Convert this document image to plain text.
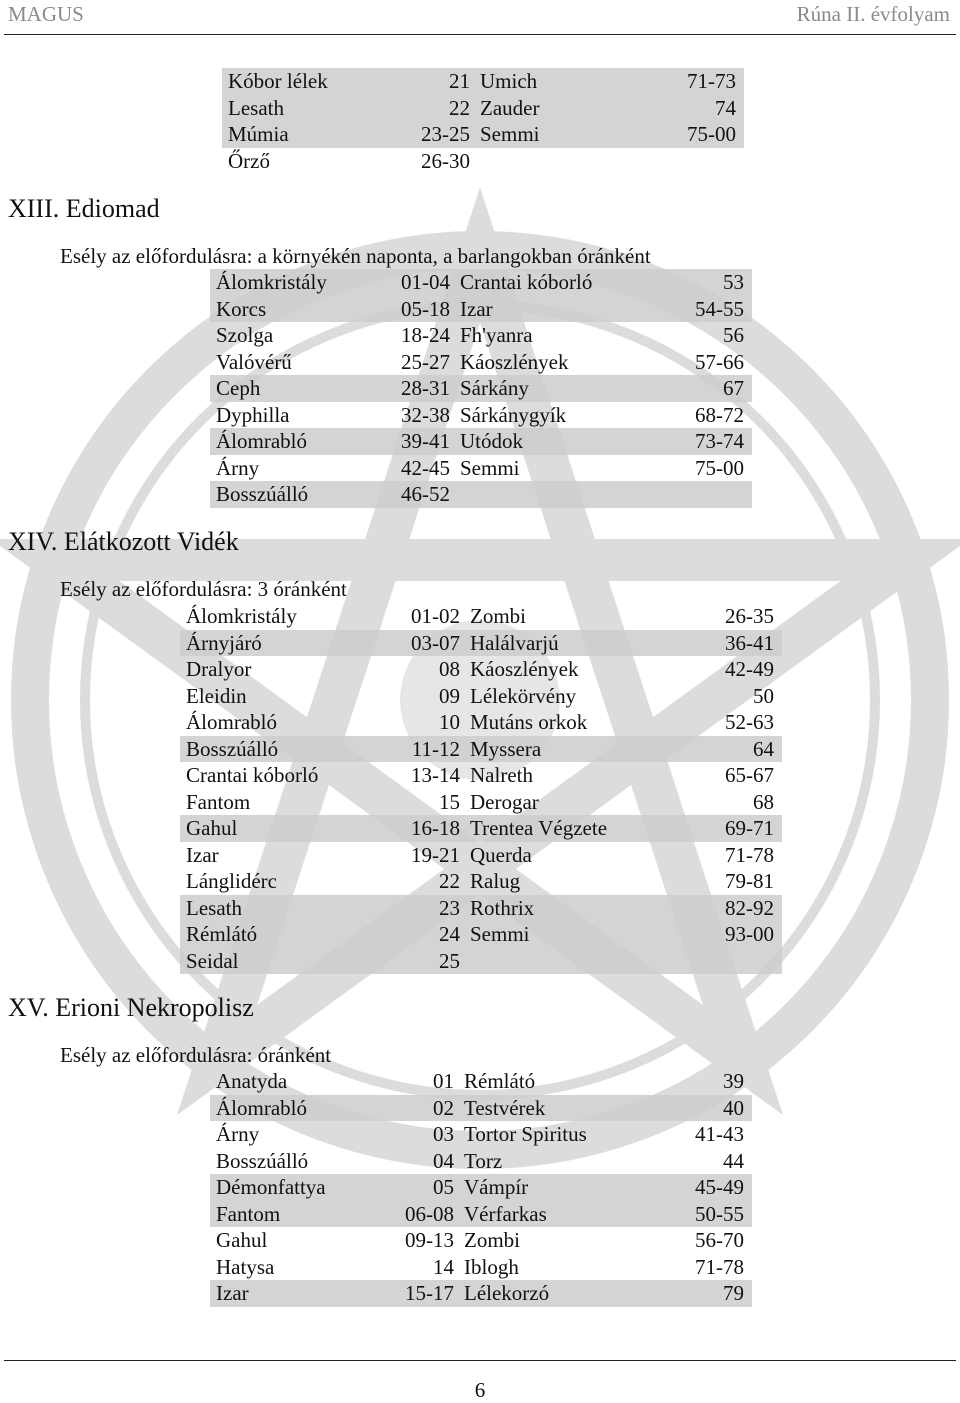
MAGUS	Rúna II. évfolyam
Kóbor lélek	21	Umich	71-73
Lesath	22	Zauder	74
Múmia	23-25	Semmi	75-00
Őrző	26-30		
XIII. Ediomad
Esély az előfordulásra: a környékén naponta, a barlangokban óránként
Álomkristály	01-04	Crantai kóborló	53
Korcs	05-18	Izar	54-55
Szolga	18-24	Fh'yanra	56
Valóvérű	25-27	Káoszlények	57-66
Ceph	28-31	Sárkány	67
Dyphilla	32-38	Sárkánygyík	68-72
Álomrabló	39-41	Utódok	73-74
Árny	42-45	Semmi	75-00
Bosszúálló	46-52		
XIV. Elátkozott Vidék
Esély az előfordulásra: 3 óránként
Álomkristály	01-02	Zombi	26-35
Árnyjáró	03-07	Halálvarjú	36-41
Dralyor	08	Káoszlények	42-49
Eleidin	09	Lélekörvény	50
Álomrabló	10	Mutáns orkok	52-63
Bosszúálló	11-12	Myssera	64
Crantai kóborló	13-14	Nalreth	65-67
Fantom	15	Derogar	68
Gahul	16-18	Trentea Végzete	69-71
Izar	19-21	Querda	71-78
Lánglidérc	22	Ralug	79-81
Lesath	23	Rothrix	82-92
Rémlátó	24	Semmi	93-00
Seidal	25		
XV. Erioni Nekropolisz
Esély az előfordulásra: óránként
Anatyda	01	Rémlátó	39
Álomrabló	02	Testvérek	40
Árny	03	Tortor Spiritus	41-43
Bosszúálló	04	Torz	44
Démonfattya	05	Vámpír	45-49
Fantom	06-08	Vérfarkas	50-55
Gahul	09-13	Zombi	56-70
Hatysa	14	Iblogh	71-78
Izar	15-17	Lélekorzó	79
6
